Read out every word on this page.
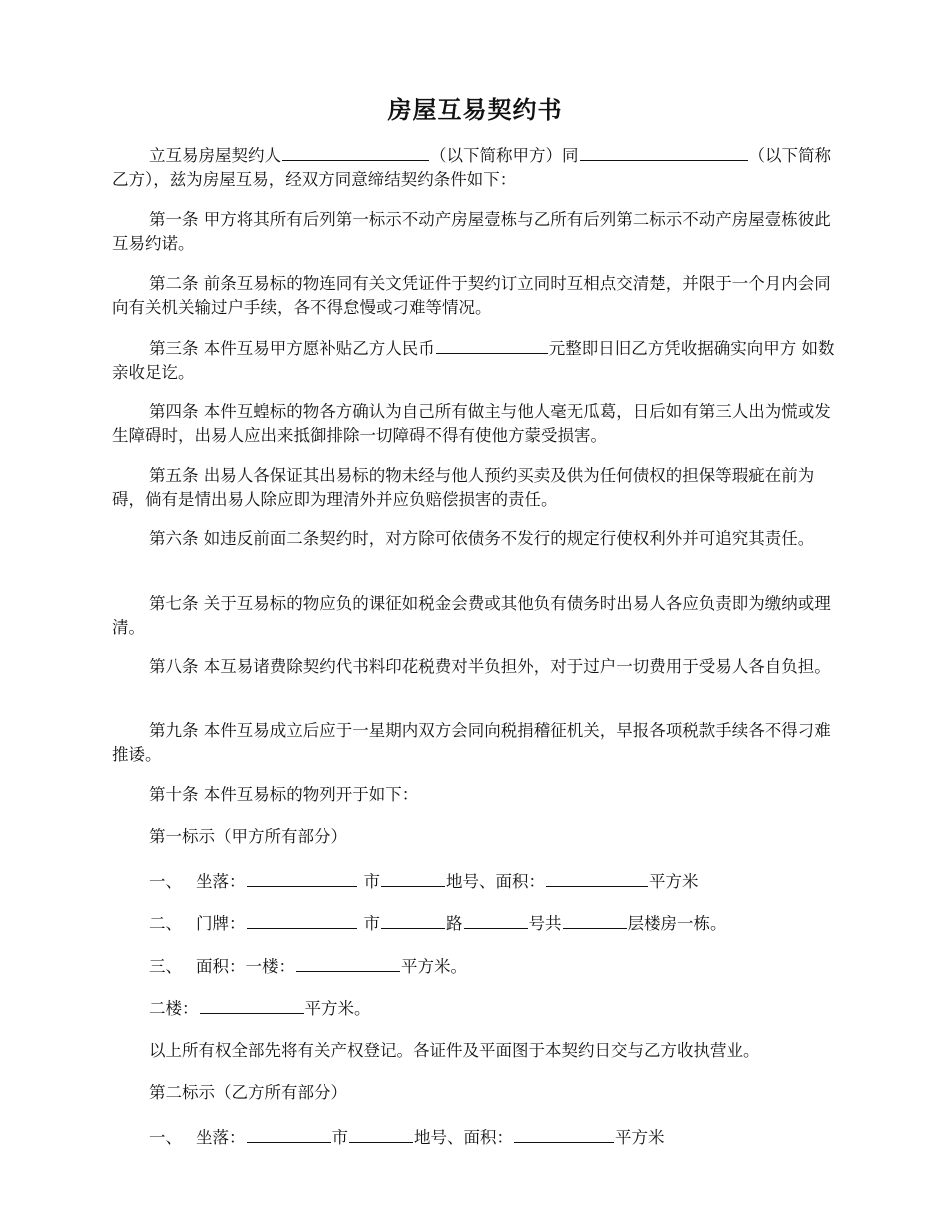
房屋互易契约书

立互易房屋契约人	（以下简称甲方）同	（以下简称乙方），兹为房屋互易，经双方同意缔结契约条件如下：

第一条 甲方将其所有后列第一标示不动产房屋壹栋与乙所有后列第二标示不动产房屋壹栋彼此互易约诺。

第二条 前条互易标的物连同有关文凭证件于契约订立同时互相点交清楚，并限于一个月内会同向有关机关输过户手续，各不得怠慢或刁难等情况。

第三条 本件互易甲方愿补贴乙方人民币	元整即日旧乙方凭收据确实向甲方 如数亲收足讫。

第四条 本件互蝗标的物各方确认为自己所有做主与他人毫无瓜葛，日后如有第三人出为慌或发生障碍时，出易人应出来抵御排除一切障碍不得有使他方蒙受损害。

第五条 出易人各保证其出易标的物未经与他人预约买卖及供为任何债权的担保等瑕疵在前为碍，倘有是情出易人除应即为理清外并应负赔偿损害的责任。

第六条 如违反前面二条契约时，对方除可依债务不发行的规定行使权利外并可追究其责任。

第七条 关于互易标的物应负的课征如税金会费或其他负有债务时出易人各应负责即为缴纳或理清。

第八条 本互易诸费除契约代书料印花税费对半负担外，对于过户一切费用于受易人各自负担。

第九条 本件互易成立后应于一星期内双方会同向税捐稽征机关，早报各项税款手续各不得刁难推诿。

第十条 本件互易标的物列开于如下：

第一标示（甲方所有部分）

一、 坐落：	市	地号、面积：	平方米

二、 门牌：	市	路	号共	层楼房一栋。

三、 面积：一楼：	平方米。

二楼：	平方米。

以上所有权全部先将有关产权登记。各证件及平面图于本契约日交与乙方收执营业。

第二标示（乙方所有部分）

一、 坐落：	市	地号、面积：	平方米
